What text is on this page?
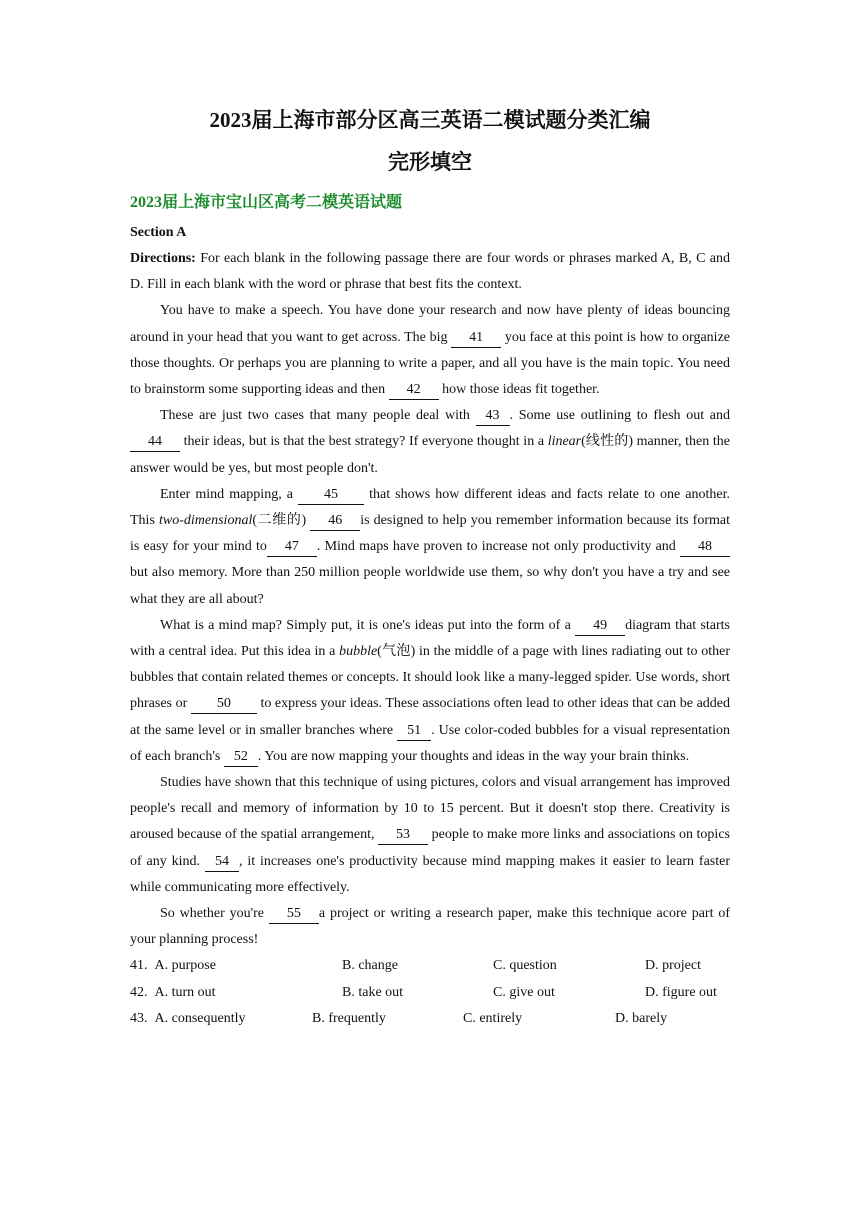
2023届上海市部分区高三英语二模试题分类汇编
完形填空
2023届上海市宝山区高考二模英语试题
Section A

Directions: For each blank in the following passage there are four words or phrases marked A, B, C and D. Fill in each blank with the word or phrase that best fits the context.

You have to make a speech. You have done your research and now have plenty of ideas bouncing around in your head that you want to get across. The big 41 you face at this point is how to organize those thoughts. Or perhaps you are planning to write a paper, and all you have is the main topic. You need to brainstorm some supporting ideas and then 42 how those ideas fit together.

These are just two cases that many people deal with 43 . Some use outlining to flesh out and 44 their ideas, but is that the best strategy? If everyone thought in a linear(线性的) manner, then the answer would be yes, but most people don't.

Enter mind mapping, a 45 that shows how different ideas and facts relate to one another. This two-dimensional(二维的) 46 is designed to help you remember information because its format is easy for your mind to 47 . Mind maps have proven to increase not only productivity and 48 but also memory. More than 250 million people worldwide use them, so why don't you have a try and see what they are all about?

What is a mind map? Simply put, it is one's ideas put into the form of a 49 diagram that starts with a central idea. Put this idea in a bubble(气泡) in the middle of a page with lines radiating out to other bubbles that contain related themes or concepts. It should look like a many-legged spider. Use words, short phrases or 50 to express your ideas. These associations often lead to other ideas that can be added at the same level or in smaller branches where 51 . Use color-coded bubbles for a visual representation of each branch's 52 . You are now mapping your thoughts and ideas in the way your brain thinks.

Studies have shown that this technique of using pictures, colors and visual arrangement has improved people's recall and memory of information by 10 to 15 percent. But it doesn't stop there. Creativity is aroused because of the spatial arrangement, 53 people to make more links and associations on topics of any kind. 54 , it increases one's productivity because mind mapping makes it easier to learn faster while communicating more effectively.

So whether you're 55 a project or writing a research paper, make this technique acore part of your planning process!

41. A. purpose	B. change	C. question	D. project
42. A. turn out	B. take out	C. give out	D. figure out
43. A. consequently	B. frequently	C. entirely	D. barely
